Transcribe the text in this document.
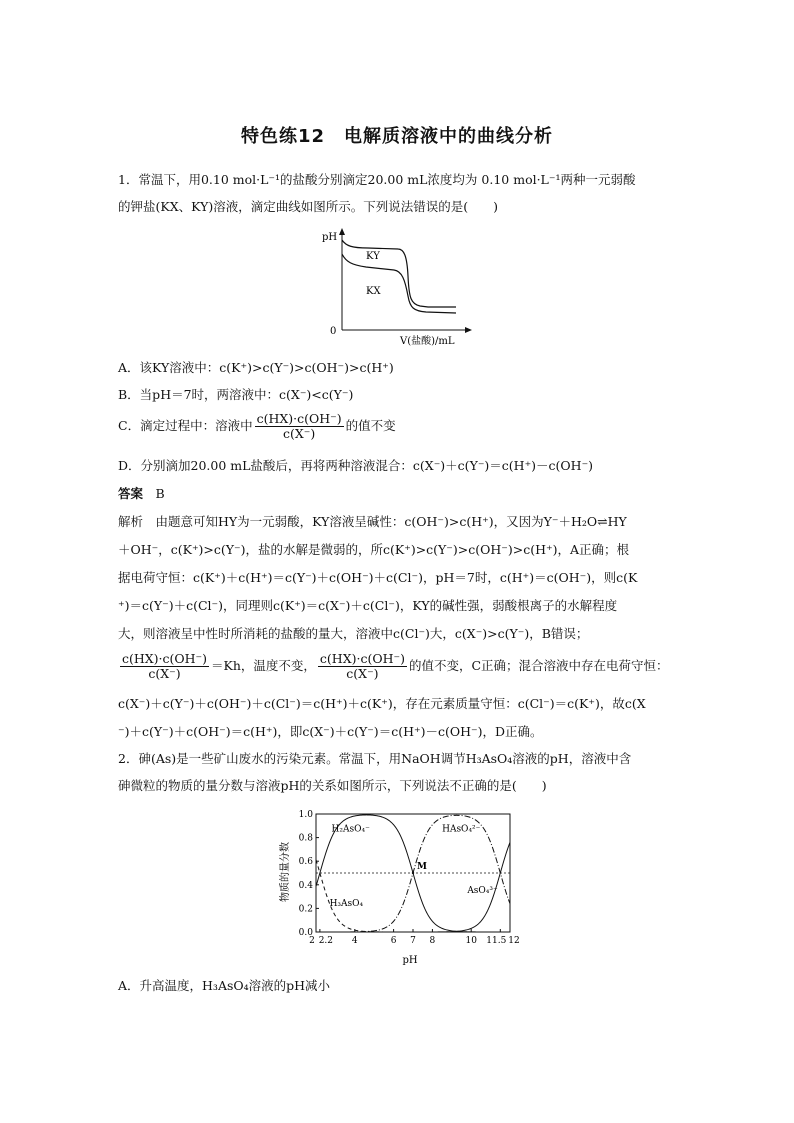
特色练12　电解质溶液中的曲线分析
1．常温下，用0.10 mol·L⁻¹的盐酸分别滴定20.00 mL浓度均为 0.10 mol·L⁻¹两种一元弱酸
的钾盐(KX、KY)溶液，滴定曲线如图所示。下列说法错误的是(　　)
pH
0
V(盐酸)/mL
KY
KX
A．该KY溶液中：c(K⁺)>c(Y⁻)>c(OH⁻)>c(H⁺)
B．当pH＝7时，两溶液中：c(X⁻)<c(Y⁻)
C．滴定过程中：溶液中 $\frac{c(HX)\cdot c(OH^-)}{c(X^-)}$ 的值不变
D．分别滴加20.00 mL盐酸后，再将两种溶液混合：c(X⁻)＋c(Y⁻)＝c(H⁺)－c(OH⁻)
答案　 B
解析　由题意可知HY为一元弱酸，KY溶液呈碱性：c(OH⁻)>c(H⁺)，又因为Y⁻＋H₂O⇌HY
＋OH⁻，c(K⁺)>c(Y⁻)，盐的水解是微弱的，所c(K⁺)>c(Y⁻)>c(OH⁻)>c(H⁺)，A正确；根
据电荷守恒：c(K⁺)＋c(H⁺)＝c(Y⁻)＋c(OH⁻)＋c(Cl⁻)，pH＝7时，c(H⁺)＝c(OH⁻)，则c(K
⁺)＝c(Y⁻)＋c(Cl⁻)，同理则c(K⁺)＝c(X⁻)＋c(Cl⁻)，KY的碱性强，弱酸根离子的水解程度
大，则溶液呈中性时所消耗的盐酸的量大，溶液中c(Cl⁻)大，c(X⁻)>c(Y⁻)，B错误；
$\frac{c(HX)\cdot c(OH^-)}{c(X^-)} =Kh$，温度不变， $\frac{c(HX)\cdot c(OH^-)}{c(X^-)}$ 的值不变，C正确；混合溶液中存在电荷守恒：
c(X⁻)＋c(Y⁻)＋c(OH⁻)＋c(Cl⁻)＝c(H⁺)＋c(K⁺)，存在元素质量守恒：c(Cl⁻)＝c(K⁺)，故c(X
⁻)＋c(Y⁻)＋c(OH⁻)＝c(H⁺)，即c(X⁻)＋c(Y⁻)＝c(H⁺)－c(OH⁻)，D正确。
2．砷(As)是一些矿山废水的污染元素。常温下，用NaOH调节H₃AsO₄溶液的pH，溶液中含
砷微粒的物质的量分数与溶液pH的关系如图所示，下列说法不正确的是(　　)
物质的量分数
0.0
0.2
0.4
0.6
0.8
1.0
2 2.2 4	6 7 8	10 11.5 12
H₃AsO₄
H₂AsO₄⁻	HAsO₄²⁻
AsO₄³⁻
M
pH
A．升高温度，H₃AsO₄溶液的pH减小
